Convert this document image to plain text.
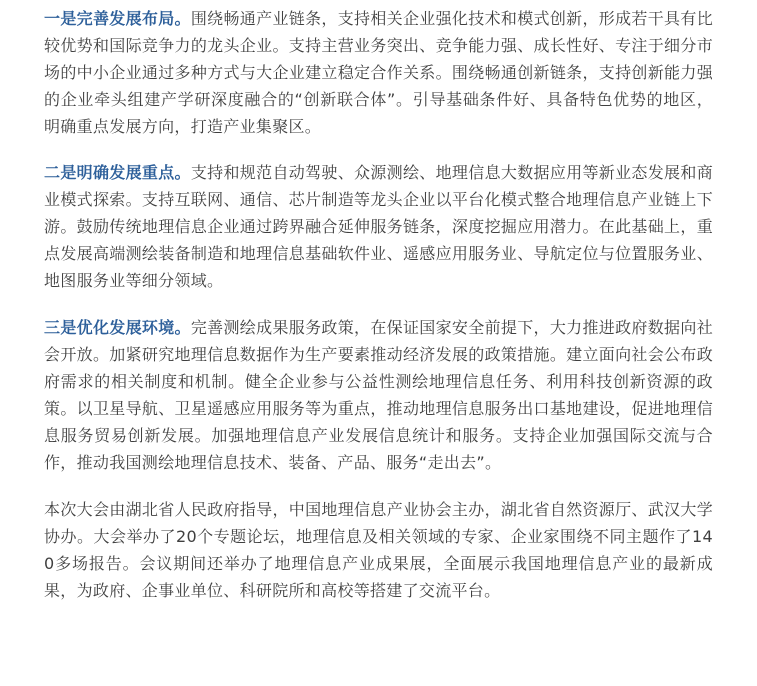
一是完善发展布局。围绕畅通产业链条，支持相关企业强化技术和模式创新，形成若干具有比较优势和国际竞争力的龙头企业。支持主营业务突出、竞争能力强、成长性好、专注于细分市场的中小企业通过多种方式与大企业建立稳定合作关系。围绕畅通创新链条，支持创新能力强的企业牵头组建产学研深度融合的“创新联合体”。引导基础条件好、具备特色优势的地区，明确重点发展方向，打造产业集聚区。

二是明确发展重点。支持和规范自动驾驶、众源测绘、地理信息大数据应用等新业态发展和商业模式探索。支持互联网、通信、芯片制造等龙头企业以平台化模式整合地理信息产业链上下游。鼓励传统地理信息企业通过跨界融合延伸服务链条，深度挖掘应用潜力。在此基础上，重点发展高端测绘装备制造和地理信息基础软件业、遥感应用服务业、导航定位与位置服务业、地图服务业等细分领域。

三是优化发展环境。完善测绘成果服务政策，在保证国家安全前提下，大力推进政府数据向社会开放。加紧研究地理信息数据作为生产要素推动经济发展的政策措施。建立面向社会公布政府需求的相关制度和机制。健全企业参与公益性测绘地理信息任务、利用科技创新资源的政策。以卫星导航、卫星遥感应用服务等为重点，推动地理信息服务出口基地建设，促进地理信息服务贸易创新发展。加强地理信息产业发展信息统计和服务。支持企业加强国际交流与合作，推动我国测绘地理信息技术、装备、产品、服务“走出去”。

本次大会由湖北省人民政府指导，中国地理信息产业协会主办，湖北省自然资源厅、武汉大学协办。大会举办了20个专题论坛，地理信息及相关领域的专家、企业家围绕不同主题作了140多场报告。会议期间还举办了地理信息产业成果展，全面展示我国地理信息产业的最新成果，为政府、企事业单位、科研院所和高校等搭建了交流平台。
